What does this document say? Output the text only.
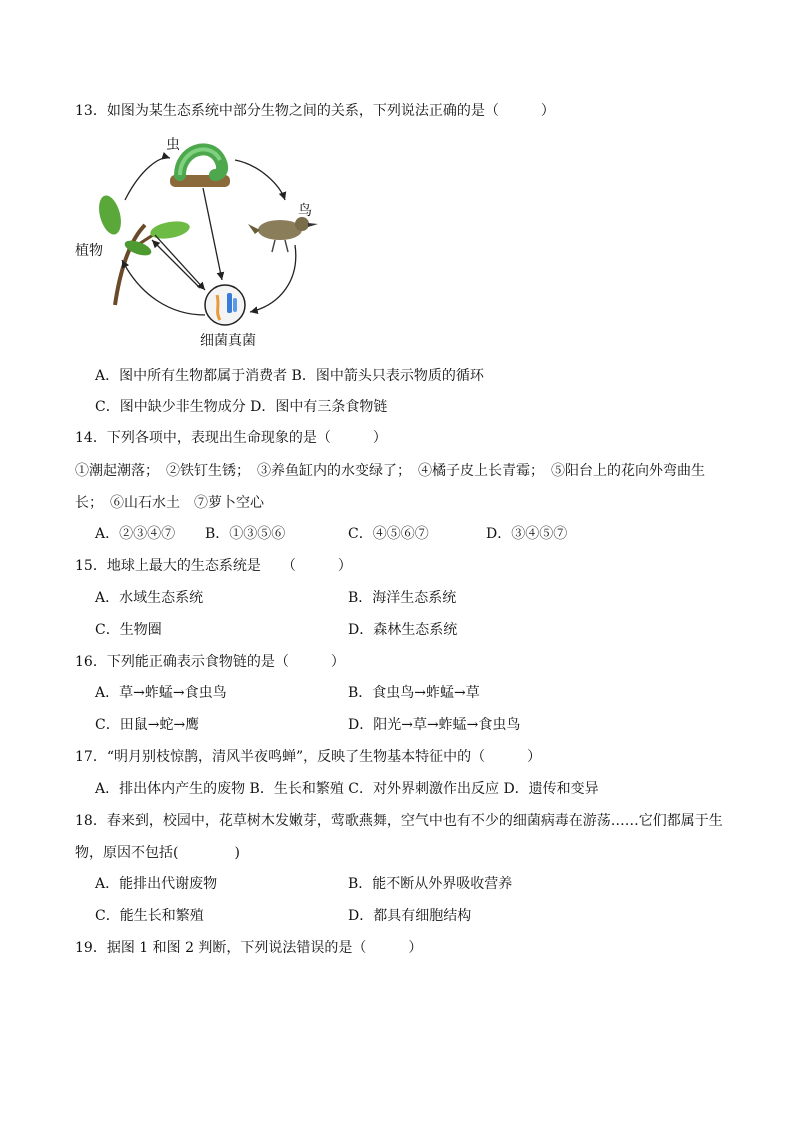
13．如图为某生态系统中部分生物之间的关系，下列说法正确的是（　　　）
虫
鸟
植物
细菌真菌
A．图中所有生物都属于消费者 B．图中箭头只表示物质的循环
C．图中缺少非生物成分 D．图中有三条食物链
14．下列各项中，表现出生命现象的是（　　　）
①潮起潮落；　②铁钉生锈；　③养鱼缸内的水变绿了；　④橘子皮上长青霉；　⑤阳台上的花向外弯曲生
长；　⑥山石水土　⑦萝卜空心
A．②③④⑦ B．①③⑤⑥	C．④⑤⑥⑦	D．③④⑤⑦
15．地球上最大的生态系统是　　（　　　）
A．水域生态系统	B．海洋生态系统
C．生物圈	D．森林生态系统
16．下列能正确表示食物链的是（　　　）
A．草→蚱蜢→食虫鸟	B．食虫鸟→蚱蜢→草
C．田鼠→蛇→鹰	D．阳光→草→蚱蜢→食虫鸟
17．“明月别枝惊鹊，清风半夜鸣蝉”，反映了生物基本特征中的（　　　）
A．排出体内产生的废物 B．生长和繁殖 C．对外界刺激作出反应 D．遗传和变异
18．春来到，校园中，花草树木发嫩芽，莺歌燕舞，空气中也有不少的细菌病毒在游荡……它们都属于生
物，原因不包括(　　　　)
A．能排出代谢废物	B．能不断从外界吸收营养
C．能生长和繁殖	D．都具有细胞结构
19．据图 1 和图 2 判断，下列说法错误的是（　　　）
